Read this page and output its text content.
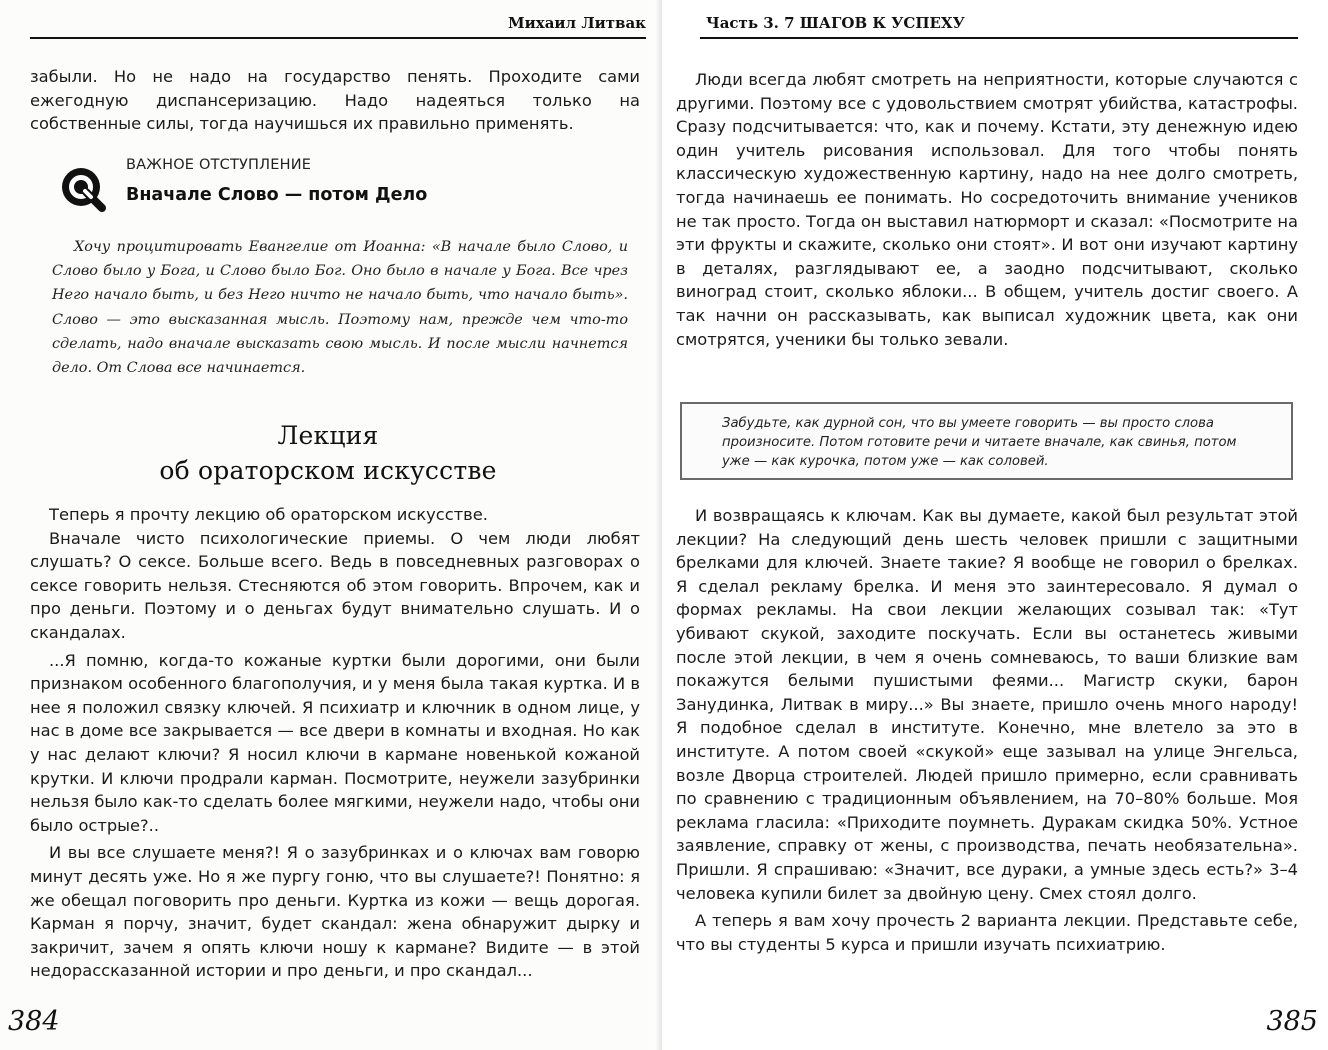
Михаил Литвак

забыли. Но не надо на государство пенять. Проходите сами ежегодную диспансеризацию. Надо надеяться только на собственные силы, тогда научишься их правильно применять.

ВАЖНОЕ ОТСТУПЛЕНИЕ
Вначале Слово — потом Дело

Хочу процитировать Евангелие от Иоанна: «В начале было Слово, и Слово было у Бога, и Слово было Бог. Оно было в начале у Бога. Все чрез Него начало быть, и без Него ничто не начало быть, что начало быть». Слово — это высказанная мысль. Поэтому нам, прежде чем что-то сделать, надо вначале высказать свою мысль. И после мысли начнется дело. От Слова все начинается.

Лекция
об ораторском искусстве

Теперь я прочту лекцию об ораторском искусстве.

Вначале чисто психологические приемы. О чем люди любят слушать? О сексе. Больше всего. Ведь в повседневных разговорах о сексе говорить нельзя. Стесняются об этом говорить. Впрочем, как и про деньги. Поэтому и о деньгах будут внимательно слушать. И о скандалах.

...Я помню, когда-то кожаные куртки были дорогими, они были признаком особенного благополучия, и у меня была такая куртка. И в нее я положил связку ключей. Я психиатр и ключник в одном лице, у нас в доме все закрывается — все двери в комнаты и входная. Но как у нас делают ключи? Я носил ключи в кармане новенькой кожаной крутки. И ключи продрали карман. Посмотрите, неужели зазубринки нельзя было как-то сделать более мягкими, неужели надо, чтобы они было острые?..

И вы все слушаете меня?! Я о зазубринках и о ключах вам говорю минут десять уже. Но я же пургу гоню, что вы слушаете?! Понятно: я же обещал поговорить про деньги. Куртка из кожи — вещь дорогая. Карман я порчу, значит, будет скандал: жена обнаружит дырку и закричит, зачем я опять ключи ношу к кармане? Видите — в этой недорассказанной истории и про деньги, и про скандал...

384
Часть 3. 7 ШАГОВ К УСПЕХУ

Люди всегда любят смотреть на неприятности, которые случаются с другими. Поэтому все с удовольствием смотрят убийства, катастрофы. Сразу подсчитывается: что, как и почему. Кстати, эту денежную идею один учитель рисования использовал. Для того чтобы понять классическую художественную картину, надо на нее долго смотреть, тогда начинаешь ее понимать. Но сосредоточить внимание учеников не так просто. Тогда он выставил натюрморт и сказал: «Посмотрите на эти фрукты и скажите, сколько они стоят». И вот они изучают картину в деталях, разглядывают ее, а заодно подсчитывают, сколько виноград стоит, сколько яблоки... В общем, учитель достиг своего. А так начни он рассказывать, как выписал художник цвета, как они смотрятся, ученики бы только зевали.

И возвращаясь к ключам. Как вы думаете, какой был результат этой лекции? На следующий день шесть человек пришли с защитными брелками для ключей. Знаете такие? Я вообще не говорил о брелках. Я сделал рекламу брелка. И меня это заинтересовало. Я думал о формах рекламы. На свои лекции желающих созывал так: «Тут убивают скукой, заходите поскучать. Если вы останетесь живыми после этой лекции, в чем я очень сомневаюсь, то ваши близкие вам покажутся белыми пушистыми феями... Магистр скуки, барон Занудинка, Литвак в миру...» Вы знаете, пришло очень много народу! Я подобное сделал в институте. Конечно, мне влетело за это в институте. А потом своей «скукой» еще зазывал на улице Энгельса, возле Дворца строителей. Людей пришло примерно, если сравнивать по сравнению с традиционным объявлением, на 70–80% больше. Моя реклама гласила: «Приходите поумнеть. Дуракам скидка 50%. Устное заявление, справку от жены, с производства, печать необязательна». Пришли. Я спрашиваю: «Значит, все дураки, а умные здесь есть?» 3–4 человека купили билет за двойную цену. Смех стоял долго.

А теперь я вам хочу прочесть 2 варианта лекции. Представьте себе, что вы студенты 5 курса и пришли изучать психиатрию.

385
Забудьте, как дурной сон, что вы умеете говорить — вы просто слова произносите. Потом готовите речи и читаете вначале, как свинья, потом уже — как курочка, потом уже — как соловей.
